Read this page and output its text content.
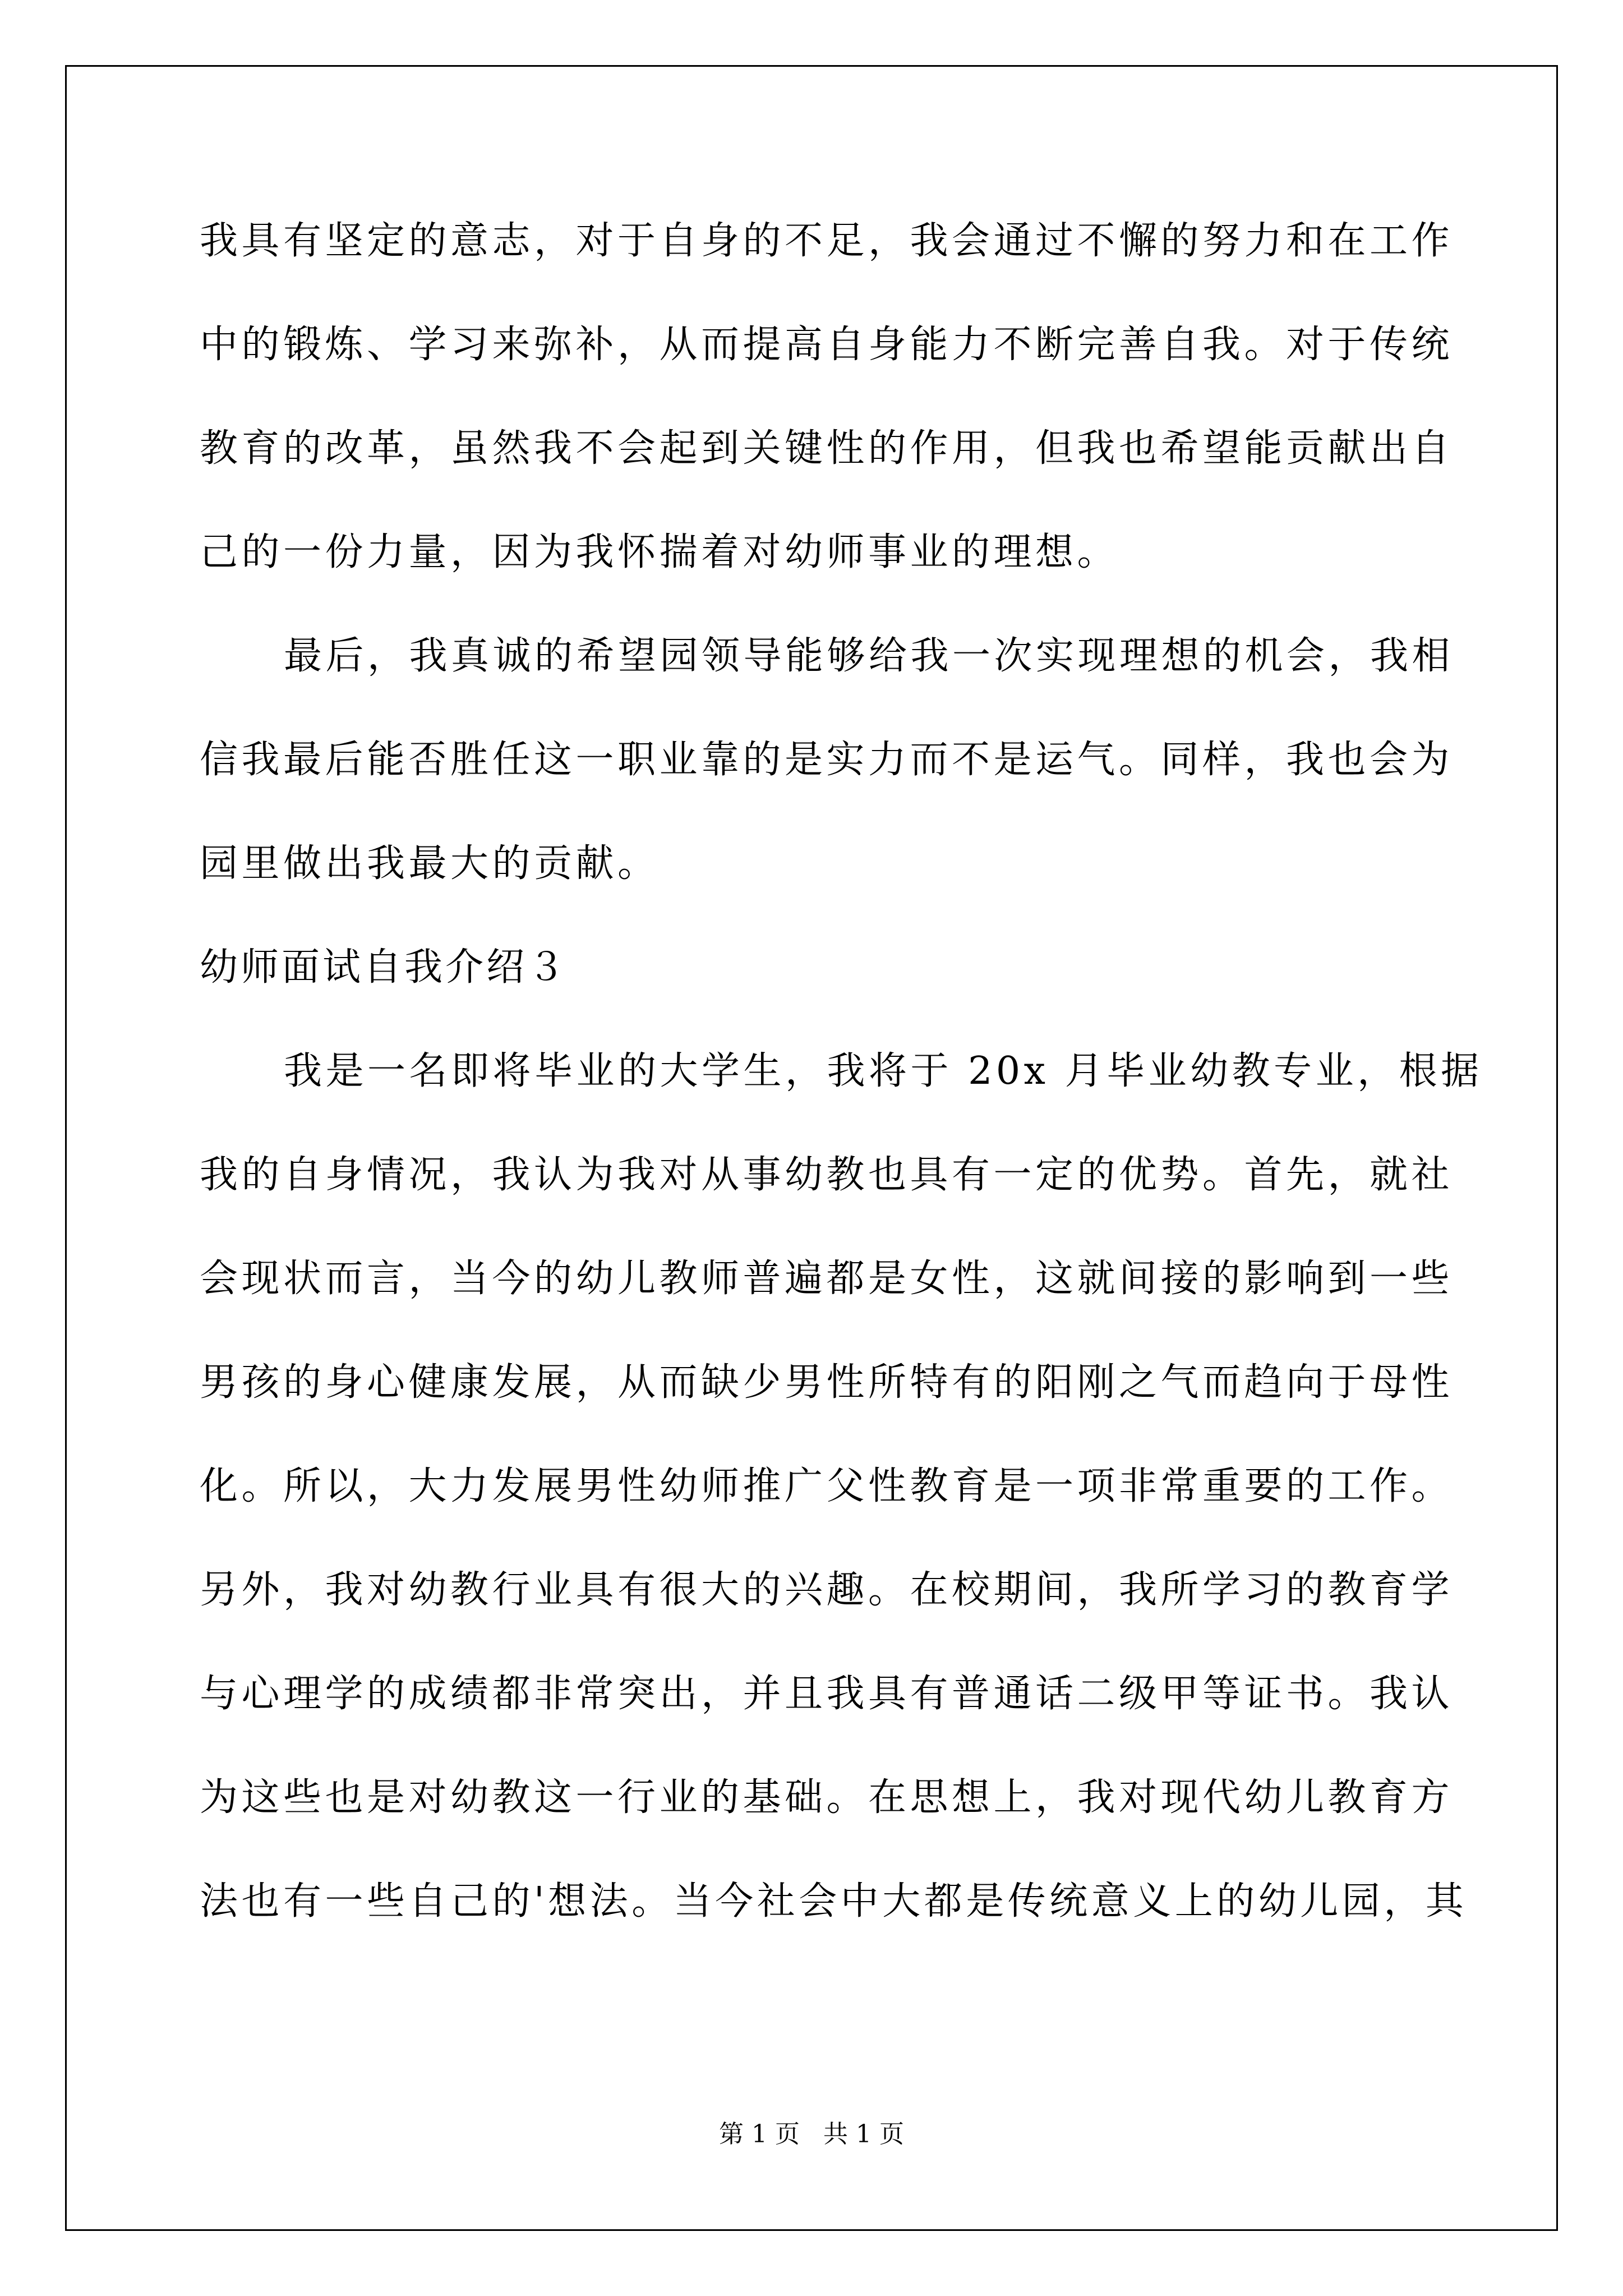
我具有坚定的意志，对于自身的不足，我会通过不懈的努力和在工作
中的锻炼、学习来弥补，从而提高自身能力不断完善自我。对于传统
教育的改革，虽然我不会起到关键性的作用，但我也希望能贡献出自
己的一份力量，因为我怀揣着对幼师事业的理想。
最后，我真诚的希望园领导能够给我一次实现理想的机会，我相
信我最后能否胜任这一职业靠的是实力而不是运气。同样，我也会为
园里做出我最大的贡献。
幼师面试自我介绍３
我是一名即将毕业的大学生，我将于 20x 月毕业幼教专业，根据
我的自身情况，我认为我对从事幼教也具有一定的优势。首先，就社
会现状而言，当今的幼儿教师普遍都是女性，这就间接的影响到一些
男孩的身心健康发展，从而缺少男性所特有的阳刚之气而趋向于母性
化。所以，大力发展男性幼师推广父性教育是一项非常重要的工作。
另外，我对幼教行业具有很大的兴趣。在校期间，我所学习的教育学
与心理学的成绩都非常突出，并且我具有普通话二级甲等证书。我认
为这些也是对幼教这一行业的基础。在思想上，我对现代幼儿教育方
法也有一些自己的'想法。当今社会中大都是传统意义上的幼儿园，其
第 1 页   共 1 页
